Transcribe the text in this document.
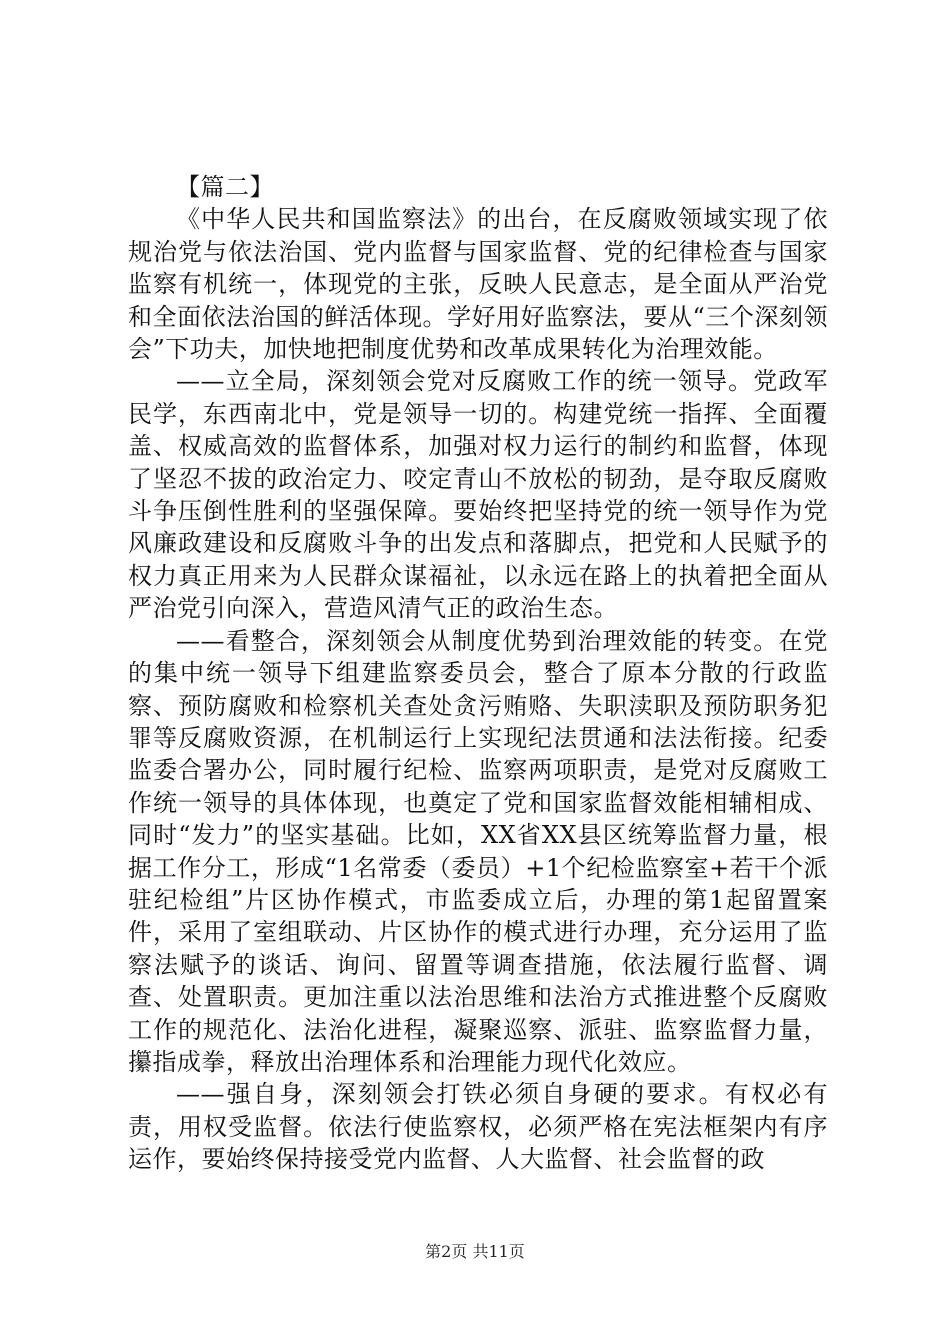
【篇二】

《中华人民共和国监察法》的出台，在反腐败领域实现了依规治党与依法治国、党内监督与国家监督、党的纪律检查与国家监察有机统一，体现党的主张，反映人民意志，是全面从严治党和全面依法治国的鲜活体现。学好用好监察法，要从“三个深刻领会”下功夫，加快地把制度优势和改革成果转化为治理效能。

——立全局，深刻领会党对反腐败工作的统一领导。党政军民学，东西南北中，党是领导一切的。构建党统一指挥、全面覆盖、权威高效的监督体系，加强对权力运行的制约和监督，体现了坚忍不拔的政治定力、咬定青山不放松的韧劲，是夺取反腐败斗争压倒性胜利的坚强保障。要始终把坚持党的统一领导作为党风廉政建设和反腐败斗争的出发点和落脚点，把党和人民赋予的权力真正用来为人民群众谋福祉，以永远在路上的执着把全面从严治党引向深入，营造风清气正的政治生态。

——看整合，深刻领会从制度优势到治理效能的转变。在党的集中统一领导下组建监察委员会，整合了原本分散的行政监察、预防腐败和检察机关查处贪污贿赂、失职渎职及预防职务犯罪等反腐败资源，在机制运行上实现纪法贯通和法法衔接。纪委监委合署办公，同时履行纪检、监察两项职责，是党对反腐败工作统一领导的具体体现，也奠定了党和国家监督效能相辅相成、同时“发力”的坚实基础。比如，XX省XX县区统筹监督力量，根据工作分工，形成“1名常委（委员）+1个纪检监察室+若干个派驻纪检组”片区协作模式，市监委成立后，办理的第1起留置案件，采用了室组联动、片区协作的模式进行办理，充分运用了监察法赋予的谈话、询问、留置等调查措施，依法履行监督、调查、处置职责。更加注重以法治思维和法治方式推进整个反腐败工作的规范化、法治化进程，凝聚巡察、派驻、监察监督力量，攥指成拳，释放出治理体系和治理能力现代化效应。

——强自身，深刻领会打铁必须自身硬的要求。有权必有责，用权受监督。依法行使监察权，必须严格在宪法框架内有序运作，要始终保持接受党内监督、人大监督、社会监督的政

第2页 共11页
